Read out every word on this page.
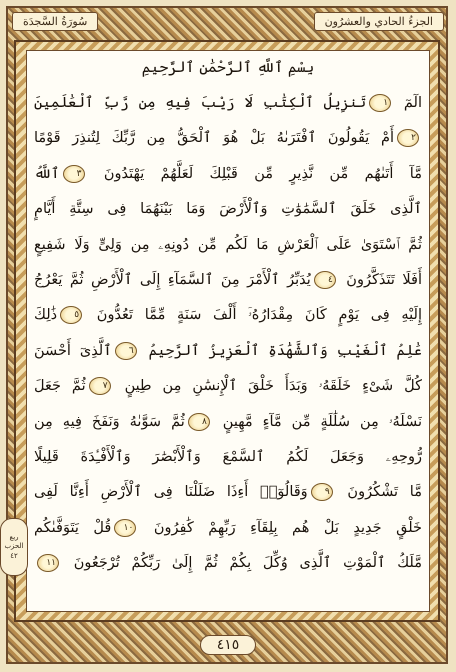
سُورَةُ السَّجدَة	الجزءُ الحادي والعشرُون
بِسْمِ ٱللَّهِ ٱلرَّحْمَٰنِ ٱلرَّحِيمِ
الٓمٓ ١تَنزِيلُ ٱلْكِتَٰبِ لَا رَيْبَ فِيهِ مِن رَّبِّ ٱلْعَٰلَمِينَ
٢أَمْ يَقُولُونَ ٱفْتَرَىٰهُ بَلْ هُوَ ٱلْحَقُّ مِن رَّبِّكَ لِتُنذِرَ قَوْمًا
مَّآ أَتَىٰهُم مِّن نَّذِيرٍ مِّن قَبْلِكَ لَعَلَّهُمْ يَهْتَدُونَ ٣ٱللَّهُ
ٱلَّذِى خَلَقَ ٱلسَّمَٰوَٰتِ وَٱلْأَرْضَ وَمَا بَيْنَهُمَا فِى سِتَّةِ أَيَّامٍ
ثُمَّ ٱسْتَوَىٰ عَلَى ٱلْعَرْشِ مَا لَكُم مِّن دُونِهِۦ مِن وَلِىٍّ وَلَا شَفِيعٍ
أَفَلَا تَتَذَكَّرُونَ ٤يُدَبِّرُ ٱلْأَمْرَ مِنَ ٱلسَّمَآءِ إِلَى ٱلْأَرْضِ ثُمَّ يَعْرُجُ
إِلَيْهِ فِى يَوْمٍ كَانَ مِقْدَارُهُۥٓ أَلْفَ سَنَةٍ مِّمَّا تَعُدُّونَ ٥ذَٰلِكَ
عَٰلِمُ ٱلْغَيْبِ وَٱلشَّهَٰدَةِ ٱلْعَزِيزُ ٱلرَّحِيمُ ٦ٱلَّذِىٓ أَحْسَنَ
كُلَّ شَىْءٍ خَلَقَهُۥ وَبَدَأَ خَلْقَ ٱلْإِنسَٰنِ مِن طِينٍ ٧ثُمَّ جَعَلَ
نَسْلَهُۥ مِن سُلَٰلَةٍ مِّن مَّآءٍ مَّهِينٍ ٨ثُمَّ سَوَّىٰهُ وَنَفَخَ فِيهِ مِن
رُّوحِهِۦ وَجَعَلَ لَكُمُ ٱلسَّمْعَ وَٱلْأَبْصَٰرَ وَٱلْأَفْـِٔدَةَ قَلِيلًا
مَّا تَشْكُرُونَ ٩وَقَالُوٓا۟ أَءِذَا ضَلَلْنَا فِى ٱلْأَرْضِ أَءِنَّا لَفِى
خَلْقٍ جَدِيدٍ بَلْ هُم بِلِقَآءِ رَبِّهِمْ كَٰفِرُونَ ١٠قُلْ يَتَوَفَّىٰكُم
مَّلَكُ ٱلْمَوْتِ ٱلَّذِى وُكِّلَ بِكُمْ ثُمَّ إِلَىٰ رَبِّكُمْ تُرْجَعُونَ ١١
ربع
الحزب
٤٢
٤١٥
